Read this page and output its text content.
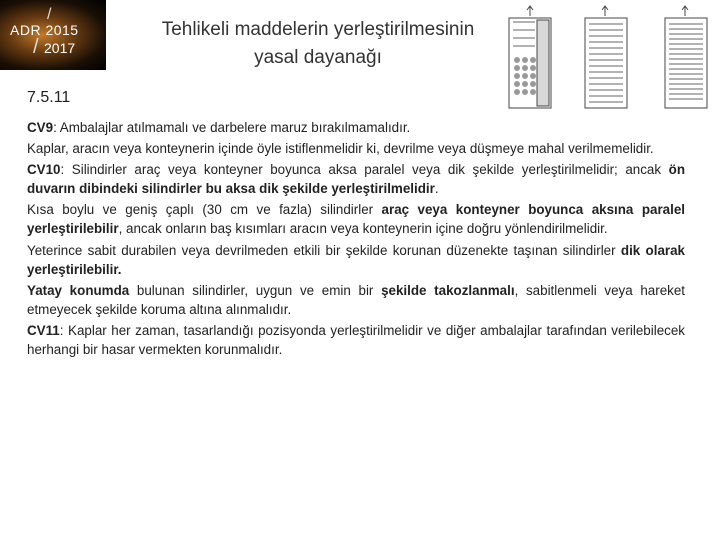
/
ADR 2015
/ 2017
Tehlikeli maddelerin yerleştirilmesinin
yasal dayanağı
7.5.11

CV9: Ambalajlar atılmamalı ve darbelere maruz bırakılmamalıdır.

Kaplar, aracın veya konteynerin içinde öyle istiflenmelidir ki, devrilme veya düşmeye mahal verilmemelidir.

CV10: Silindirler araç veya konteyner boyunca aksa paralel veya dik şekilde yerleştirilmelidir; ancak ön duvarın dibindeki silindirler bu aksa dik şekilde yerleştirilmelidir.

Kısa boylu ve geniş çaplı (30 cm ve fazla) silindirler araç veya konteyner boyunca aksına paralel yerleştirilebilir, ancak onların baş kısımları aracın veya konteynerin içine doğru yönlendirilmelidir.

Yeterince sabit durabilen veya devrilmeden etkili bir şekilde korunan düzenekte taşınan silindirler dik olarak yerleştirilebilir.

Yatay konumda bulunan silindirler, uygun ve emin bir şekilde takozlanmalı, sabitlenmeli veya hareket etmeyecek şekilde koruma altına alınmalıdır.

CV11: Kaplar her zaman, tasarlandığı pozisyonda yerleştirilmelidir ve diğer ambalajlar tarafından verilebilecek herhangi bir hasar vermekten korunmalıdır.
